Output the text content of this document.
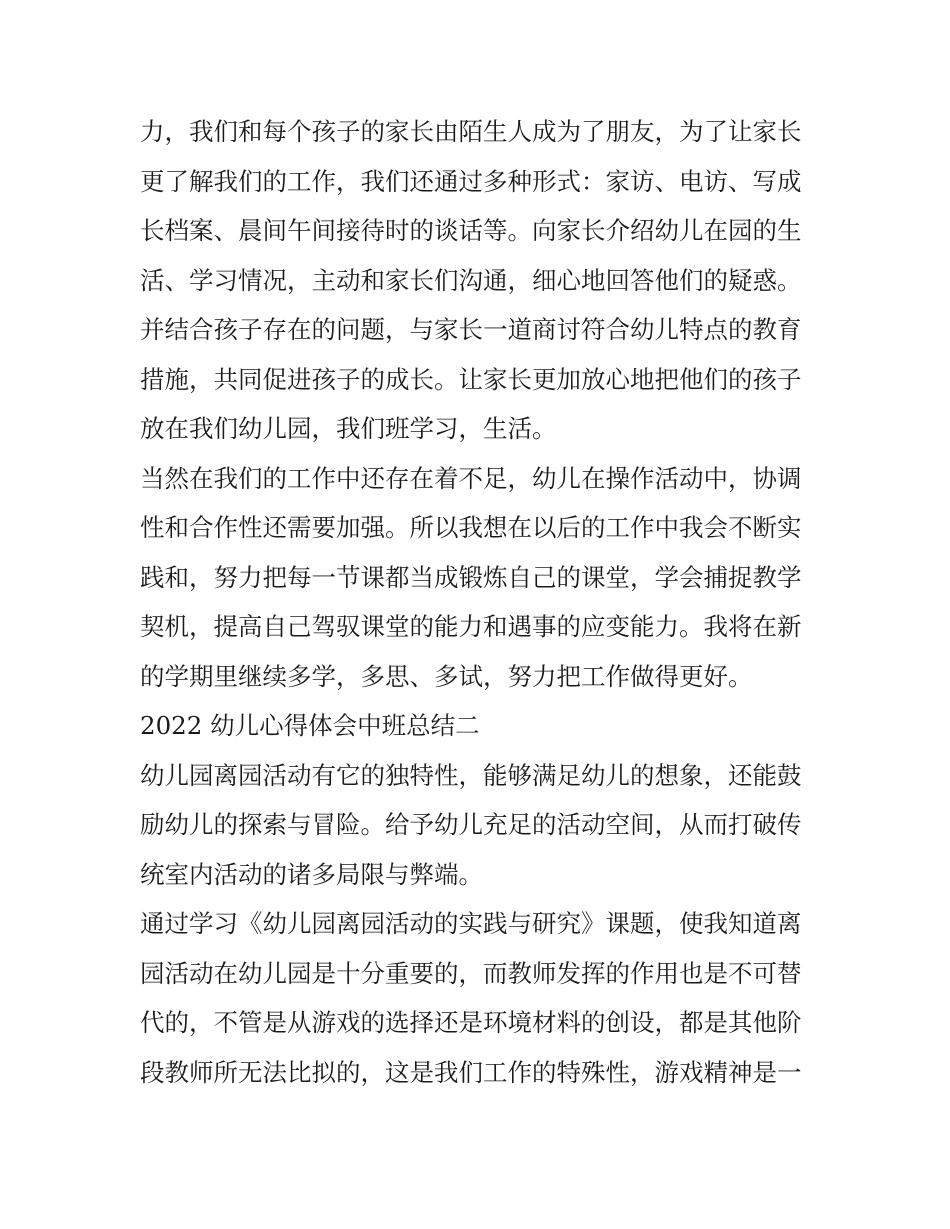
力，我们和每个孩子的家长由陌生人成为了朋友，为了让家长
更了解我们的工作，我们还通过多种形式：家访、电访、写成
长档案、晨间午间接待时的谈话等。向家长介绍幼儿在园的生
活、学习情况，主动和家长们沟通，细心地回答他们的疑惑。
并结合孩子存在的问题，与家长一道商讨符合幼儿特点的教育
措施，共同促进孩子的成长。让家长更加放心地把他们的孩子
放在我们幼儿园，我们班学习，生活。
当然在我们的工作中还存在着不足，幼儿在操作活动中，协调
性和合作性还需要加强。所以我想在以后的工作中我会不断实
践和，努力把每一节课都当成锻炼自己的课堂，学会捕捉教学
契机，提高自己驾驭课堂的能力和遇事的应变能力。我将在新
的学期里继续多学，多思、多试，努力把工作做得更好。
2022 幼儿心得体会中班总结二
幼儿园离园活动有它的独特性，能够满足幼儿的想象，还能鼓
励幼儿的探索与冒险。给予幼儿充足的活动空间，从而打破传
统室内活动的诸多局限与弊端。
通过学习《幼儿园离园活动的实践与研究》课题，使我知道离
园活动在幼儿园是十分重要的，而教师发挥的作用也是不可替
代的，不管是从游戏的选择还是环境材料的创设，都是其他阶
段教师所无法比拟的，这是我们工作的特殊性，游戏精神是一
